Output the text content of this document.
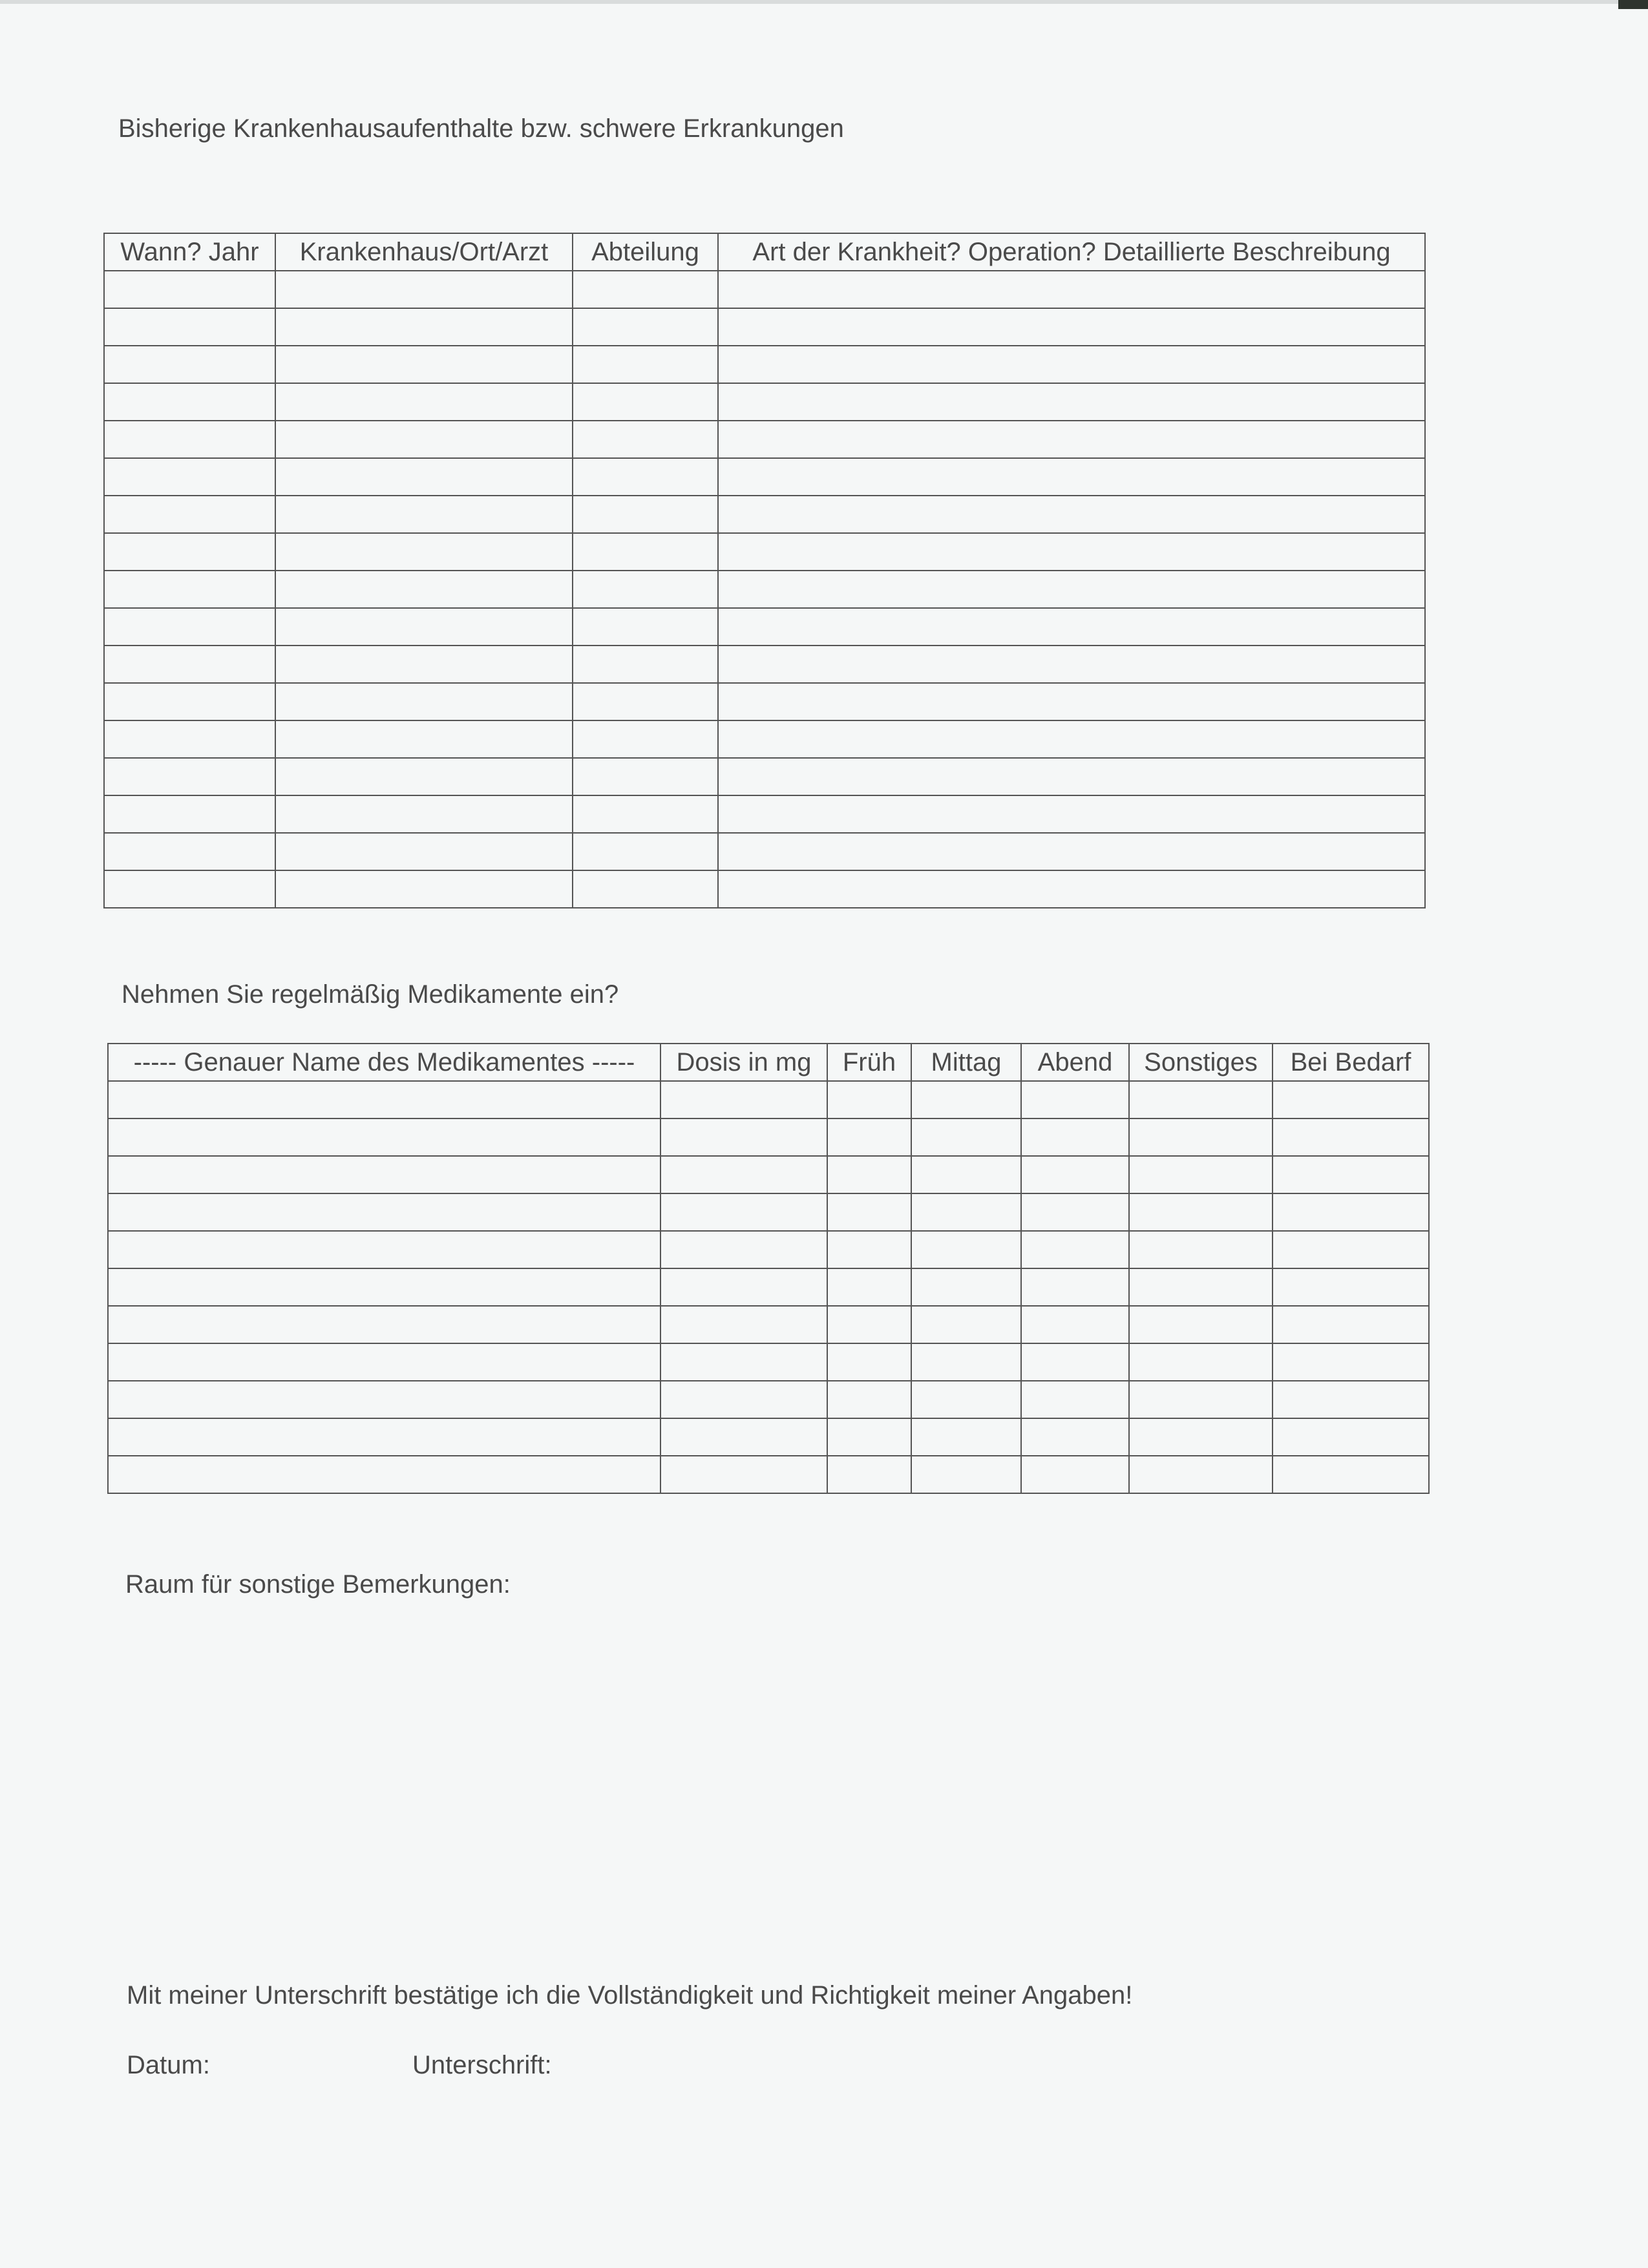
Bisherige Krankenhausaufenthalte bzw. schwere Erkrankungen
Wann? Jahr	Krankenhaus/Ort/Arzt	Abteilung	Art der Krankheit? Operation? Detaillierte Beschreibung

Nehmen Sie regelmäßig Medikamente ein?
----- Genauer Name des Medikamentes -----	Dosis in mg	Früh	Mittag	Abend	Sonstiges	Bei Bedarf

Raum für sonstige Bemerkungen:
Mit meiner Unterschrift bestätige ich die Vollständigkeit und Richtigkeit meiner Angaben!
Datum:	Unterschrift:
